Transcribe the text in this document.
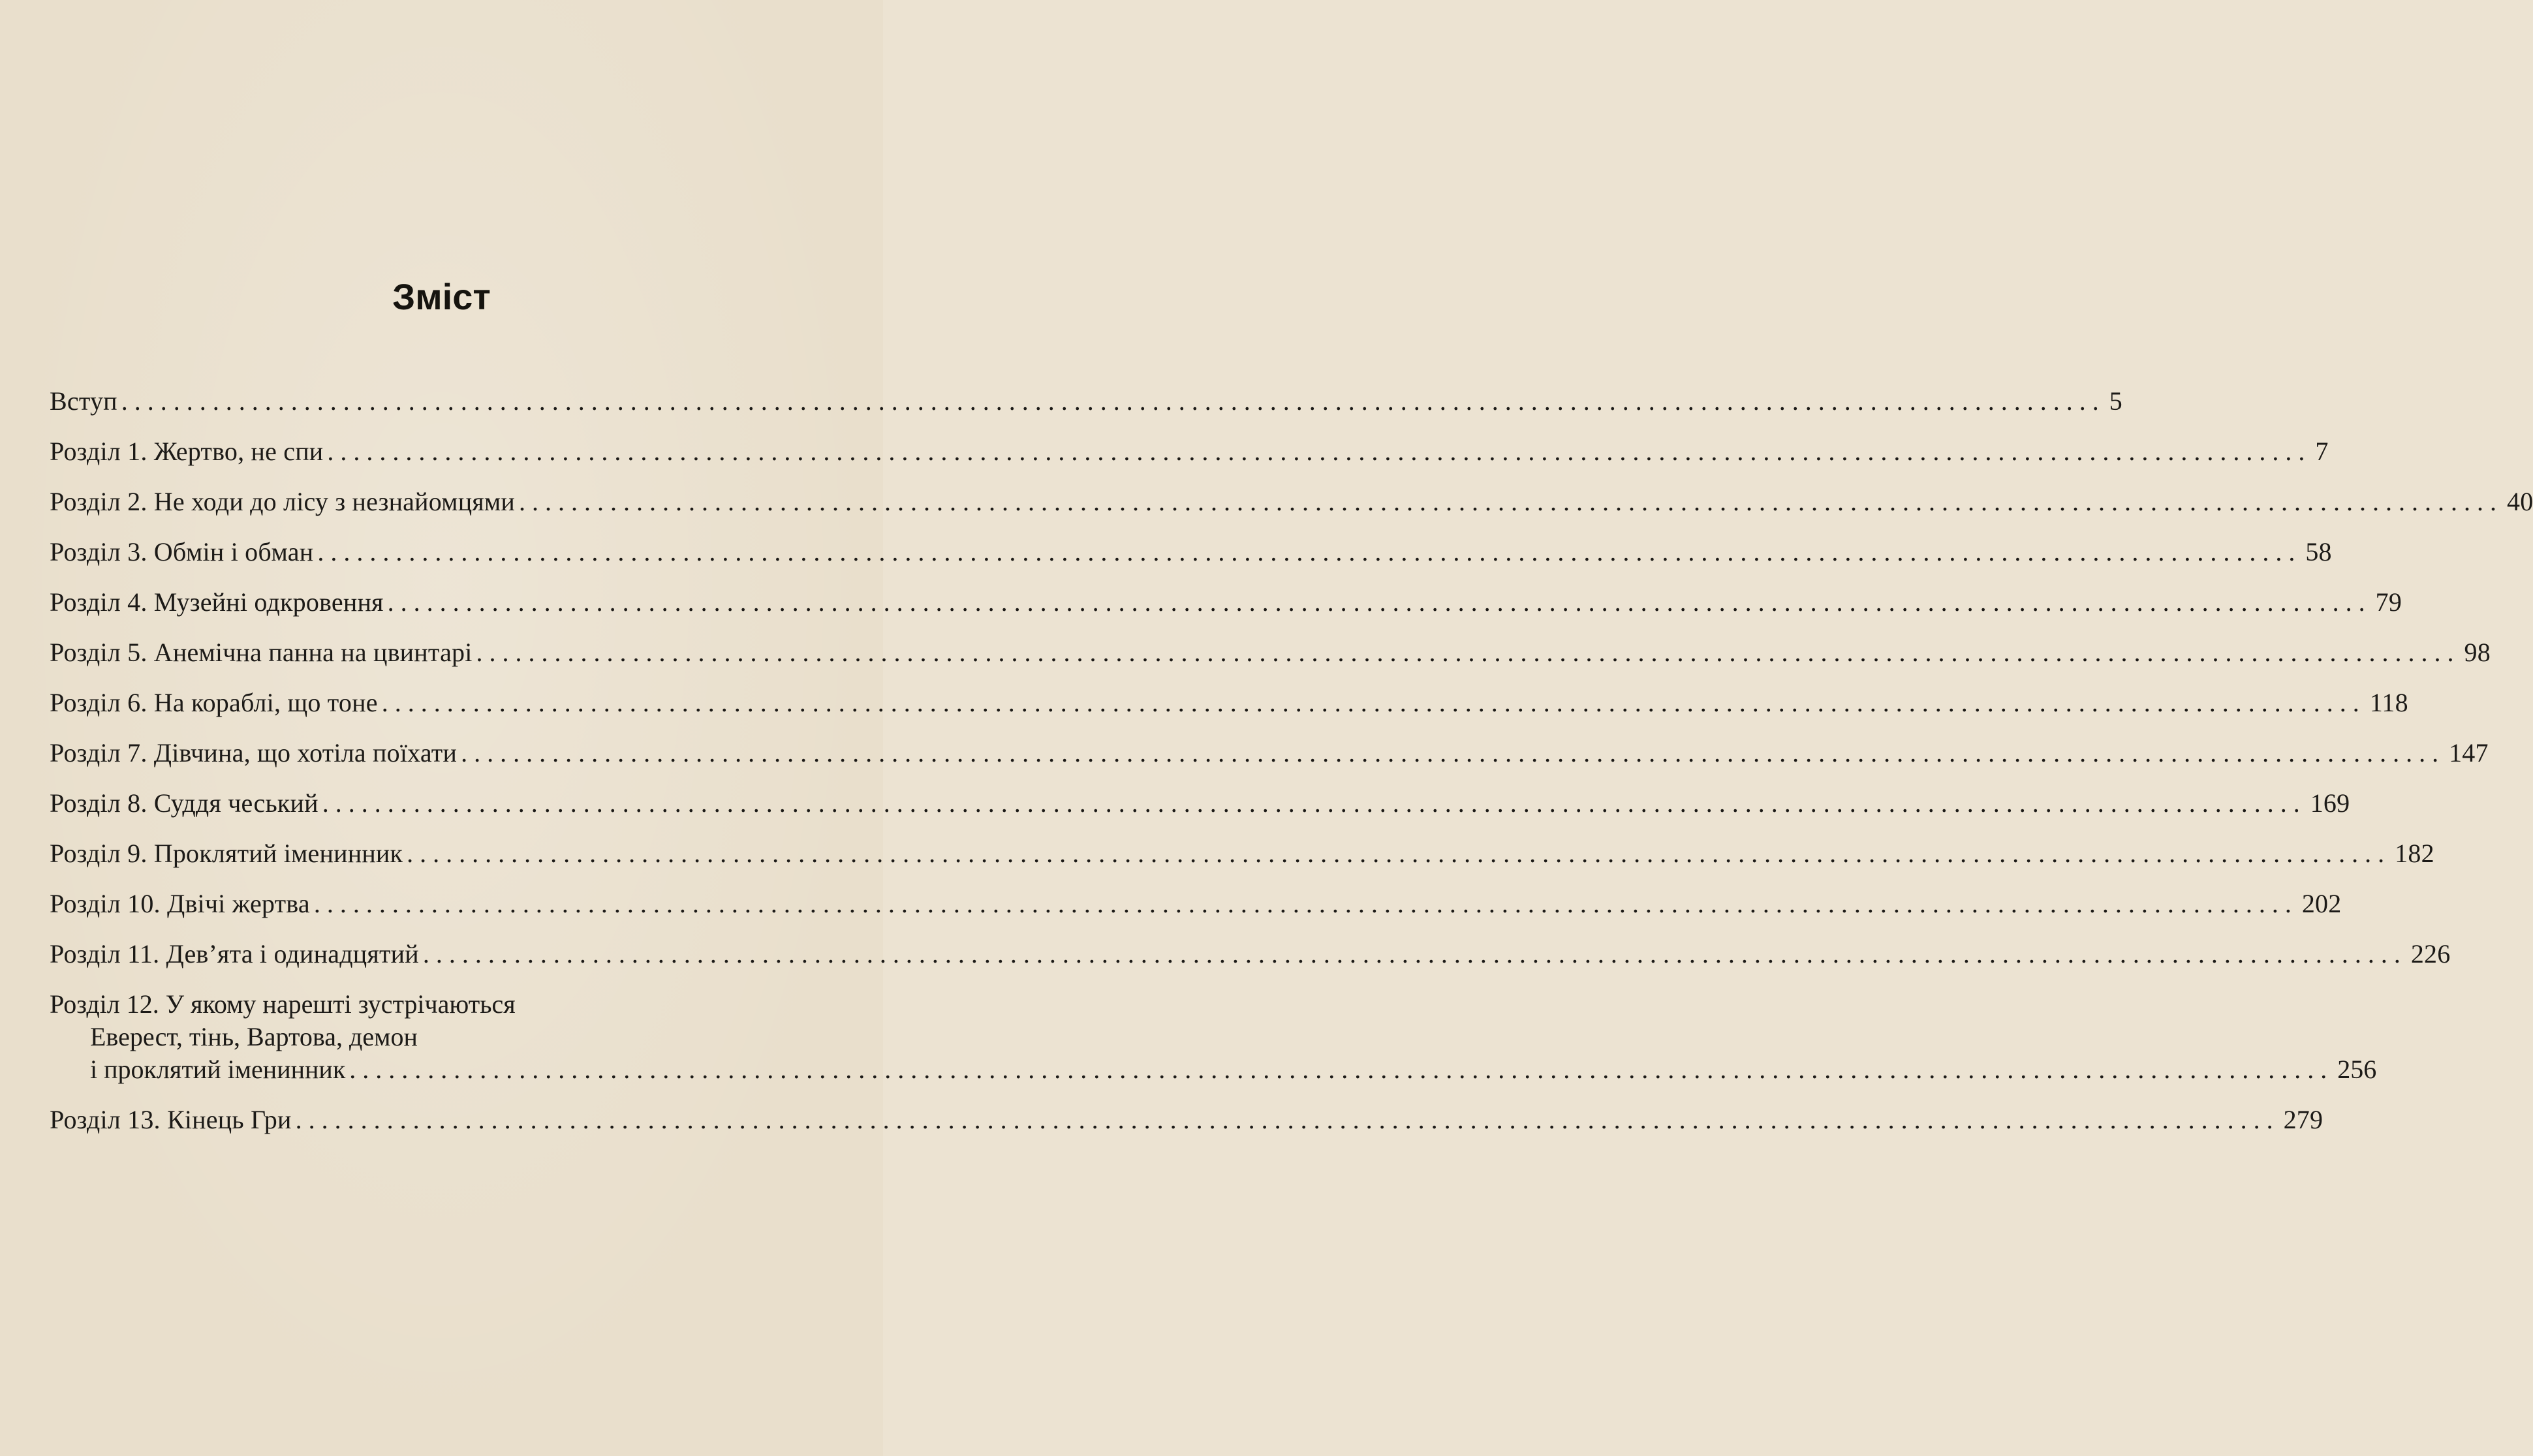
Зміст
Вступ ........................................................................................................................................................ 5
Розділ 1. Жертво, не спи ........................................................................................................................................................ 7
Розділ 2. Не ходи до лісу з незнайомцями ........................................................................................................................................................ 40
Розділ 3. Обмін і обман ........................................................................................................................................................ 58
Розділ 4. Музейні одкровення ........................................................................................................................................................ 79
Розділ 5. Анемічна панна на цвинтарі ........................................................................................................................................................ 98
Розділ 6. На кораблі, що тоне ........................................................................................................................................................ 118
Розділ 7. Дівчина, що хотіла поїхати ........................................................................................................................................................ 147
Розділ 8. Суддя чеський ........................................................................................................................................................ 169
Розділ 9. Проклятий іменинник ........................................................................................................................................................ 182
Розділ 10. Двічі жертва ........................................................................................................................................................ 202
Розділ 11. Дев’ята і одинадцятий ........................................................................................................................................................ 226
Розділ 12. У якому нарешті зустрічаються
Еверест, тінь, Вартова, демон
і проклятий іменинник ........................................................................................................................................................ 256
Розділ 13. Кінець Гри ........................................................................................................................................................ 279
